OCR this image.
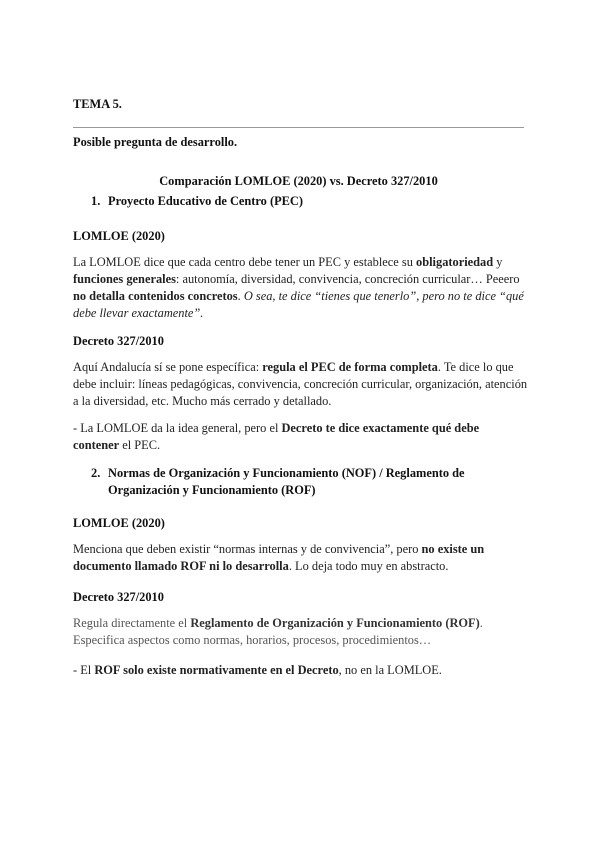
TEMA 5.

Posible pregunta de desarrollo.

Comparación LOMLOE (2020) vs. Decreto 327/2010

1. Proyecto Educativo de Centro (PEC)

LOMLOE (2020)

La LOMLOE dice que cada centro debe tener un PEC y establece su obligatoriedad y funciones generales: autonomía, diversidad, convivencia, concreción curricular… Peeero no detalla contenidos concretos. O sea, te dice “tienes que tenerlo”, pero no te dice “qué debe llevar exactamente”.

Decreto 327/2010

Aquí Andalucía sí se pone específica: regula el PEC de forma completa. Te dice lo que debe incluir: líneas pedagógicas, convivencia, concreción curricular, organización, atención a la diversidad, etc. Mucho más cerrado y detallado.

- La LOMLOE da la idea general, pero el Decreto te dice exactamente qué debe contener el PEC.

2. Normas de Organización y Funcionamiento (NOF) / Reglamento de Organización y Funcionamiento (ROF)

LOMLOE (2020)

Menciona que deben existir “normas internas y de convivencia”, pero no existe un documento llamado ROF ni lo desarrolla. Lo deja todo muy en abstracto.

Decreto 327/2010

Regula directamente el Reglamento de Organización y Funcionamiento (ROF). Especifica aspectos como normas, horarios, procesos, procedimientos…

- El ROF solo existe normativamente en el Decreto, no en la LOMLOE.
